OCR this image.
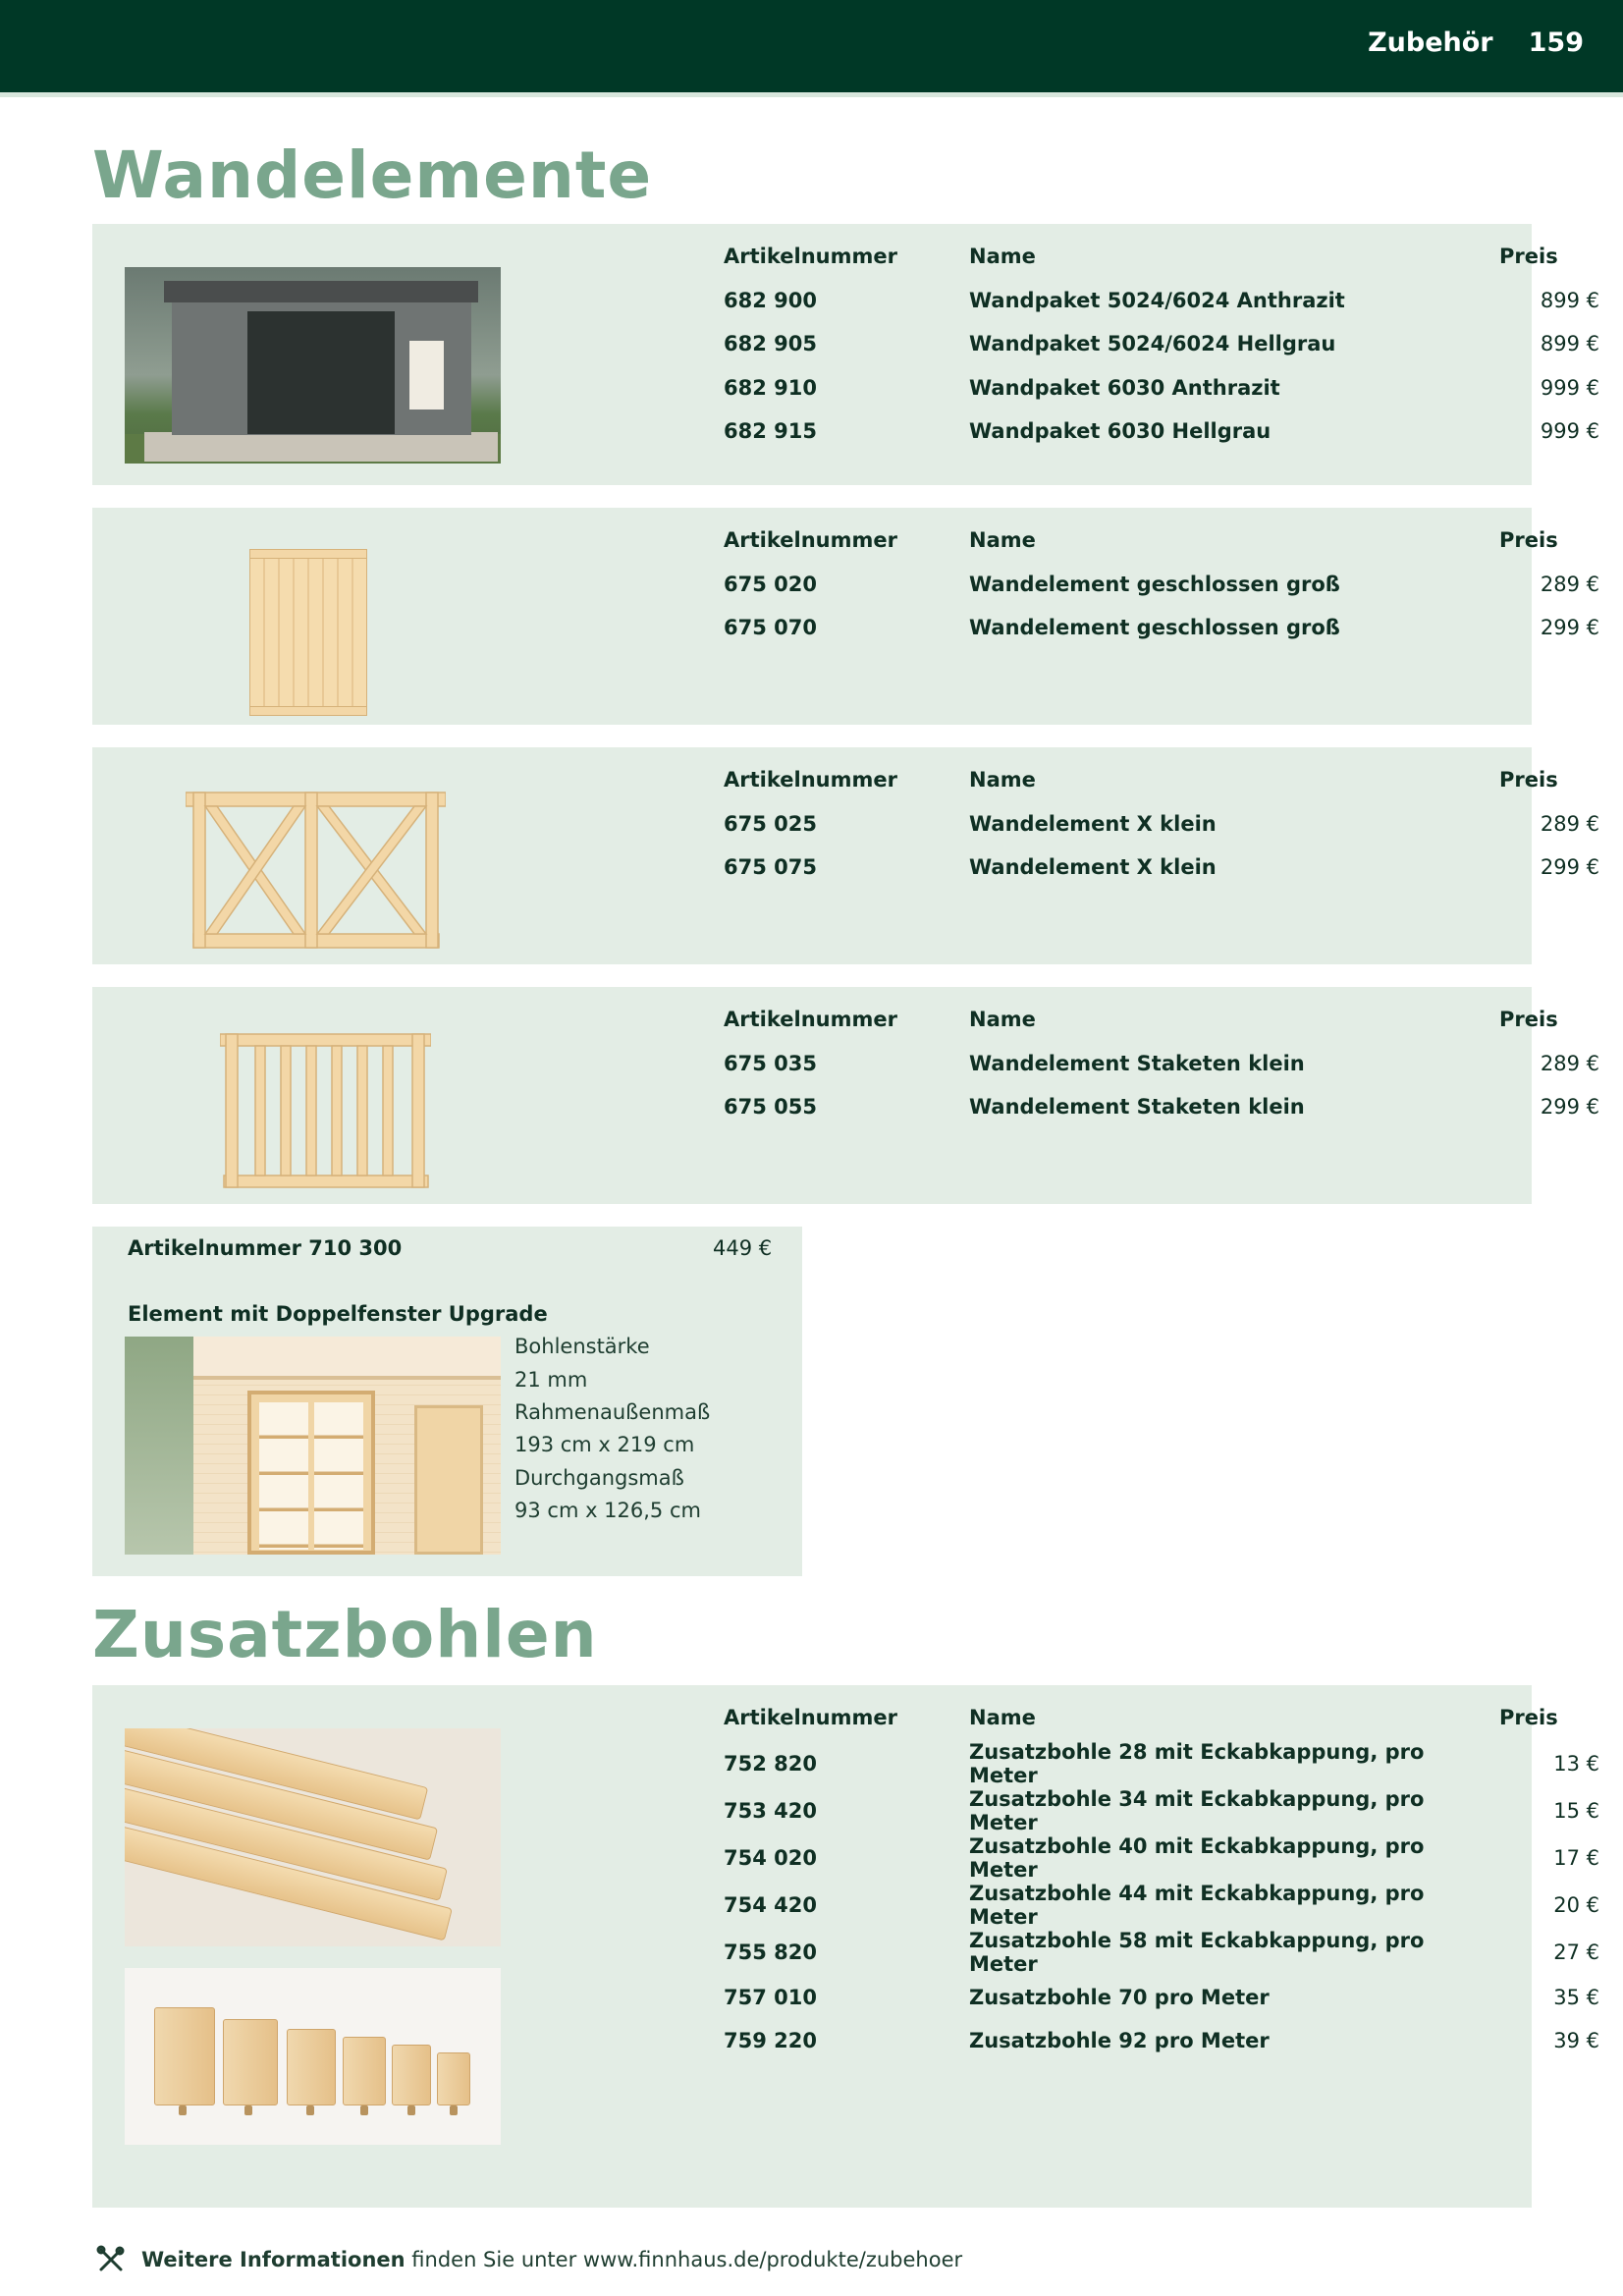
Zubehör 159
Wandelemente
Artikelnummer	Name	Preis
682 900	Wandpaket 5024/6024 Anthrazit	899 €
682 905	Wandpaket 5024/6024 Hellgrau	899 €
682 910	Wandpaket 6030 Anthrazit	999 €
682 915	Wandpaket 6030 Hellgrau	999 €
Artikelnummer	Name	Preis
675 020	Wandelement geschlossen groß	289 €
675 070	Wandelement geschlossen groß	299 €
Artikelnummer	Name	Preis
675 025	Wandelement X klein	289 €
675 075	Wandelement X klein	299 €
Artikelnummer	Name	Preis
675 035	Wandelement Staketen klein	289 €
675 055	Wandelement Staketen klein	299 €
Artikelnummer 710 300	449 €
Element mit Doppelfenster Upgrade
Bohlenstärke
21 mm
Rahmenaußenmaß
193 cm x 219 cm
Durchgangsmaß
93 cm x 126,5 cm
Zusatzbohlen
Artikelnummer	Name	Preis
752 820	Zusatzbohle 28 mit Eckabkappung, pro Meter	13 €
753 420	Zusatzbohle 34 mit Eckabkappung, pro Meter	15 €
754 020	Zusatzbohle 40 mit Eckabkappung, pro Meter	17 €
754 420	Zusatzbohle 44 mit Eckabkappung, pro Meter	20 €
755 820	Zusatzbohle 58 mit Eckabkappung, pro Meter	27 €
757 010	Zusatzbohle 70 pro Meter	35 €
759 220	Zusatzbohle 92 pro Meter	39 €
Weitere Informationen finden Sie unter www.finnhaus.de/produkte/zubehoer
